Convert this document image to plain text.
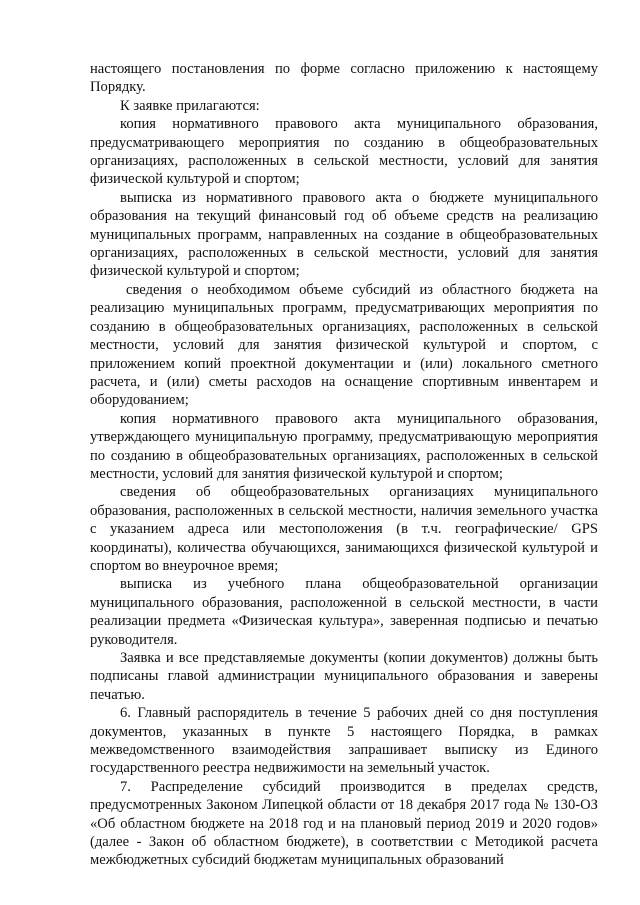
настоящего постановления по форме согласно приложению к настоящему Порядку.

К заявке прилагаются:

копия нормативного правового акта муниципального образования, предусматривающего мероприятия по созданию в общеобразовательных организациях, расположенных в сельской местности, условий для занятия физической культурой и спортом;

выписка из нормативного правового акта о бюджете муниципального образования на текущий финансовый год об объеме средств на реализацию муниципальных программ, направленных на создание в общеобразовательных организациях, расположенных в сельской местности, условий для занятия физической культурой и спортом;

сведения о необходимом объеме субсидий из областного бюджета на реализацию муниципальных программ, предусматривающих мероприятия по созданию в общеобразовательных организациях, расположенных в сельской местности, условий для занятия физической культурой и спортом, с приложением копий проектной документации и (или) локального сметного расчета, и (или) сметы расходов на оснащение спортивным инвентарем и оборудованием;

копия нормативного правового акта муниципального образования, утверждающего муниципальную программу, предусматривающую мероприятия по созданию в общеобразовательных организациях, расположенных в сельской местности, условий для занятия физической культурой и спортом;

сведения об общеобразовательных организациях муниципального образования, расположенных в сельской местности, наличия земельного участка с указанием адреса или местоположения (в т.ч. географические/ GPS координаты), количества обучающихся, занимающихся физической культурой и спортом во внеурочное время;

выписка из учебного плана общеобразовательной организации муниципального образования, расположенной в сельской местности, в части реализации предмета «Физическая культура», заверенная подписью и печатью руководителя.

Заявка и все представляемые документы (копии документов) должны быть подписаны главой администрации муниципального образования и заверены печатью.

6. Главный распорядитель в течение 5 рабочих дней со дня поступления документов, указанных в пункте 5 настоящего Порядка, в рамках межведомственного взаимодействия запрашивает выписку из Единого государственного реестра недвижимости на земельный участок.

7. Распределение субсидий производится в пределах средств, предусмотренных Законом Липецкой области от 18 декабря 2017 года № 130-ОЗ «Об областном бюджете на 2018 год и на плановый период 2019 и 2020 годов» (далее - Закон об областном бюджете), в соответствии с Методикой расчета межбюджетных субсидий бюджетам муниципальных образований
